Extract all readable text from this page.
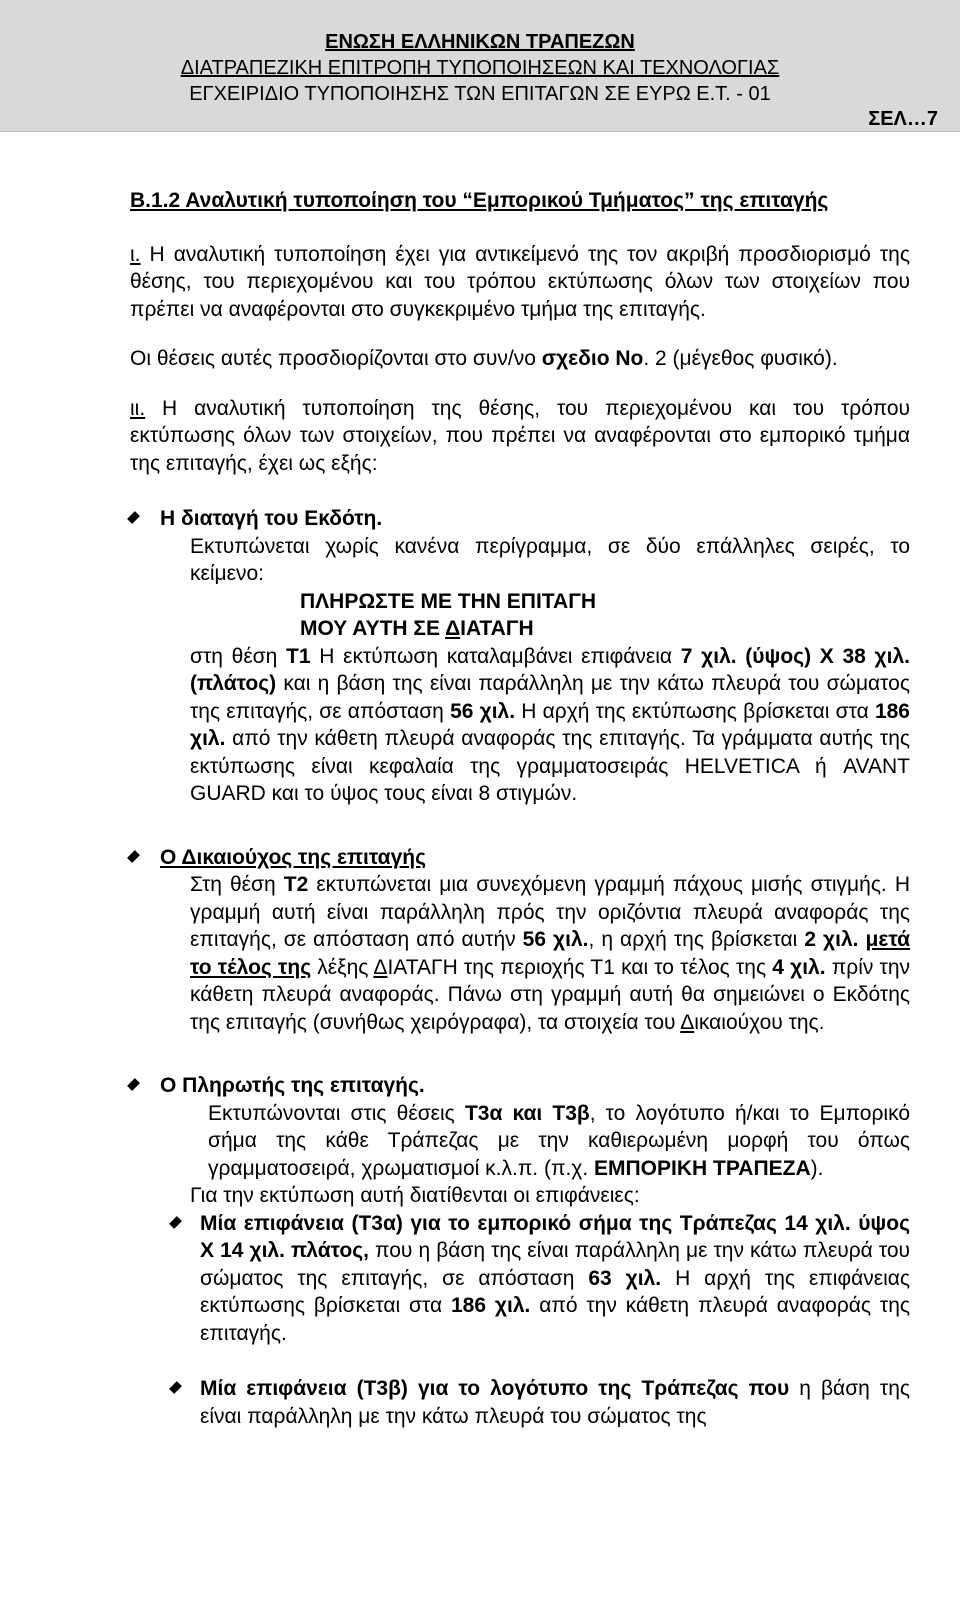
ΕΝΩΣΗ ΕΛΛΗΝΙΚΩΝ ΤΡΑΠΕΖΩΝ
ΔΙΑΤΡΑΠΕΖΙΚΗ ΕΠΙΤΡΟΠΗ ΤΥΠΟΠΟΙΗΣΕΩΝ ΚΑΙ ΤΕΧΝΟΛΟΓΙΑΣ
ΕΓΧΕΙΡΙΔΙΟ ΤΥΠΟΠΟΙΗΣΗΣ ΤΩΝ ΕΠΙΤΑΓΩΝ ΣΕ ΕΥΡΩ Ε.Τ. - 01
ΣΕΛ…7

Β.1.2 Αναλυτική τυποποίηση του “Εμπορικού Τμήματος” της επιταγής

ι. Η αναλυτική τυποποίηση έχει για αντικείμενό της τον ακριβή προσδιορισμό της θέσης, του περιεχομένου και του τρόπου εκτύπωσης όλων των στοιχείων που πρέπει να αναφέρονται στο συγκεκριμένο τμήμα της επιταγής.

Οι θέσεις αυτές προσδιορίζονται στο συν/νο σχεδιο Νο. 2 (μέγεθος φυσικό).

ιι. Η αναλυτική τυποποίηση της θέσης, του περιεχομένου και του τρόπου εκτύπωσης όλων των στοιχείων, που πρέπει να αναφέρονται στο εμπορικό τμήμα της επιταγής, έχει ως εξής:

Η διαταγή του Εκδότη.

Εκτυπώνεται χωρίς κανένα περίγραμμα, σε δύο επάλληλες σειρές, το κείμενο:

ΠΛΗΡΩΣΤΕ ΜΕ ΤΗΝ ΕΠΙΤΑΓΗ

ΜΟΥ ΑΥΤΗ ΣΕ ΔΙΑΤΑΓΗ

στη θέση Τ1 Η εκτύπωση καταλαμβάνει επιφάνεια 7 χιλ. (ύψος) Χ 38 χιλ. (πλάτος) και η βάση της είναι παράλληλη με την κάτω πλευρά του σώματος της επιταγής, σε απόσταση 56 χιλ. Η αρχή της εκτύπωσης βρίσκεται στα 186 χιλ. από την κάθετη πλευρά αναφοράς της επιταγής. Τα γράμματα αυτής της εκτύπωσης είναι κεφαλαία της γραμματοσειράς HELVETICA ή AVANT GUARD και το ύψος τους είναι 8 στιγμών.

Ο Δικαιούχος της επιταγής

Στη θέση Τ2 εκτυπώνεται μια συνεχόμενη γραμμή πάχους μισής στιγμής. Η γραμμή αυτή είναι παράλληλη πρός την οριζόντια πλευρά αναφοράς της επιταγής, σε απόσταση από αυτήν 56 χιλ., η αρχή της βρίσκεται 2 χιλ. μετά το τέλος της λέξης ΔΙΑΤΑΓΗ της περιοχής Τ1 και το τέλος της 4 χιλ. πρίν την κάθετη πλευρά αναφοράς. Πάνω στη γραμμή αυτή θα σημειώνει ο Εκδότης της επιταγής (συνήθως χειρόγραφα), τα στοιχεία του Δικαιούχου της.

Ο Πληρωτής της επιταγής.

Εκτυπώνονται στις θέσεις Τ3α και Τ3β, το λογότυπο ή/και το Εμπορικό σήμα της κάθε Τράπεζας με την καθιερωμένη μορφή του όπως γραμματοσειρά, χρωματισμοί κ.λ.π. (π.χ. ΕΜΠΟΡΙΚΗ ΤΡΑΠΕΖΑ).

Για την εκτύπωση αυτή διατίθενται οι επιφάνειες:

Μία επιφάνεια (Τ3α) για το εμπορικό σήμα της Τράπεζας 14 χιλ. ύψος Χ 14 χιλ. πλάτος, που η βάση της είναι παράλληλη με την κάτω πλευρά του σώματος της επιταγής, σε απόσταση 63 χιλ. Η αρχή της επιφάνειας εκτύπωσης βρίσκεται στα 186 χιλ. από την κάθετη πλευρά αναφοράς της επιταγής.

Μία επιφάνεια (Τ3β) για το λογότυπο της Τράπεζας που η βάση της είναι παράλληλη με την κάτω πλευρά του σώματος της
